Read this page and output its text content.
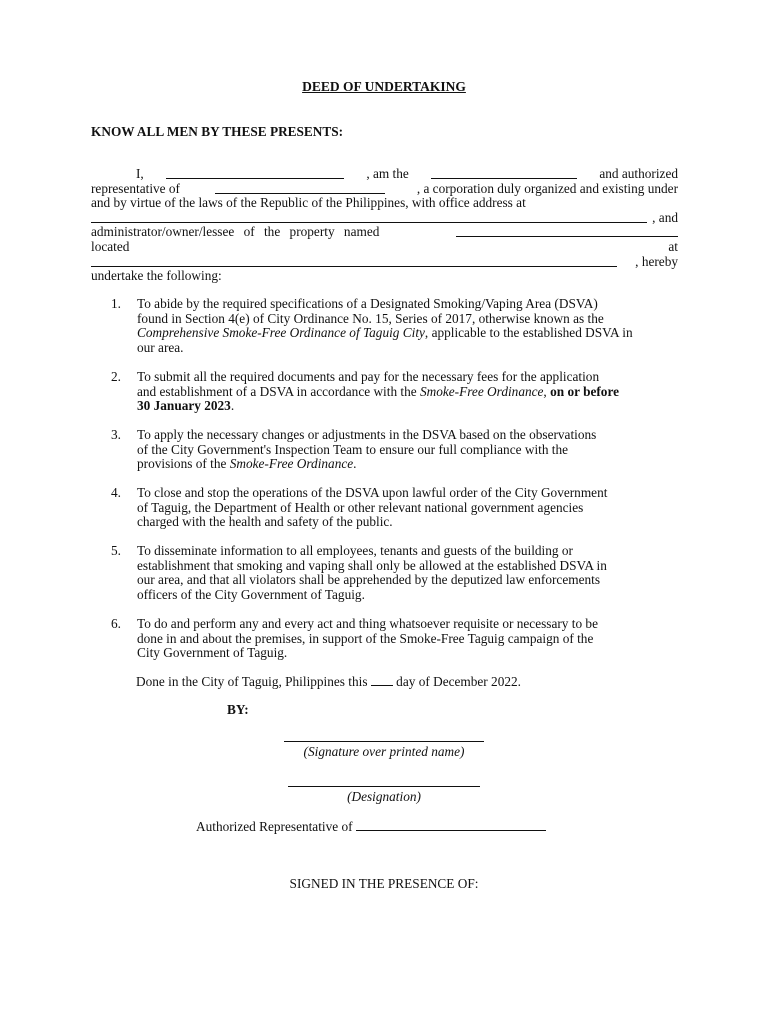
DEED OF UNDERTAKING
KNOW ALL MEN BY THESE PRESENTS:
I,	, am the	and authorized
representative of	, a corporation duly organized and existing under
and by virtue of the laws of the Republic of the Philippines, with office address at
, and
administrator/owner/lessee of the property named
located	at
, hereby
undertake the following:
1. To abide by the required specifications of a Designated Smoking/Vaping Area (DSVA)
found in Section 4(e) of City Ordinance No. 15, Series of 2017, otherwise known as the
Comprehensive Smoke-Free Ordinance of Taguig City, applicable to the established DSVA in
our area.
2. To submit all the required documents and pay for the necessary fees for the application
and establishment of a DSVA in accordance with the Smoke-Free Ordinance, on or before
30 January 2023.
3. To apply the necessary changes or adjustments in the DSVA based on the observations
of the City Government's Inspection Team to ensure our full compliance with the
provisions of the Smoke-Free Ordinance.
4. To close and stop the operations of the DSVA upon lawful order of the City Government
of Taguig, the Department of Health or other relevant national government agencies
charged with the health and safety of the public.
5. To disseminate information to all employees, tenants and guests of the building or
establishment that smoking and vaping shall only be allowed at the established DSVA in
our area, and that all violators shall be apprehended by the deputized law enforcements
officers of the City Government of Taguig.
6. To do and perform any and every act and thing whatsoever requisite or necessary to be
done in and about the premises, in support of the Smoke-Free Taguig campaign of the
City Government of Taguig.
Done in the City of Taguig, Philippines this day of December 2022.
BY:
(Signature over printed name)
(Designation)
Authorized Representative of
SIGNED IN THE PRESENCE OF:
